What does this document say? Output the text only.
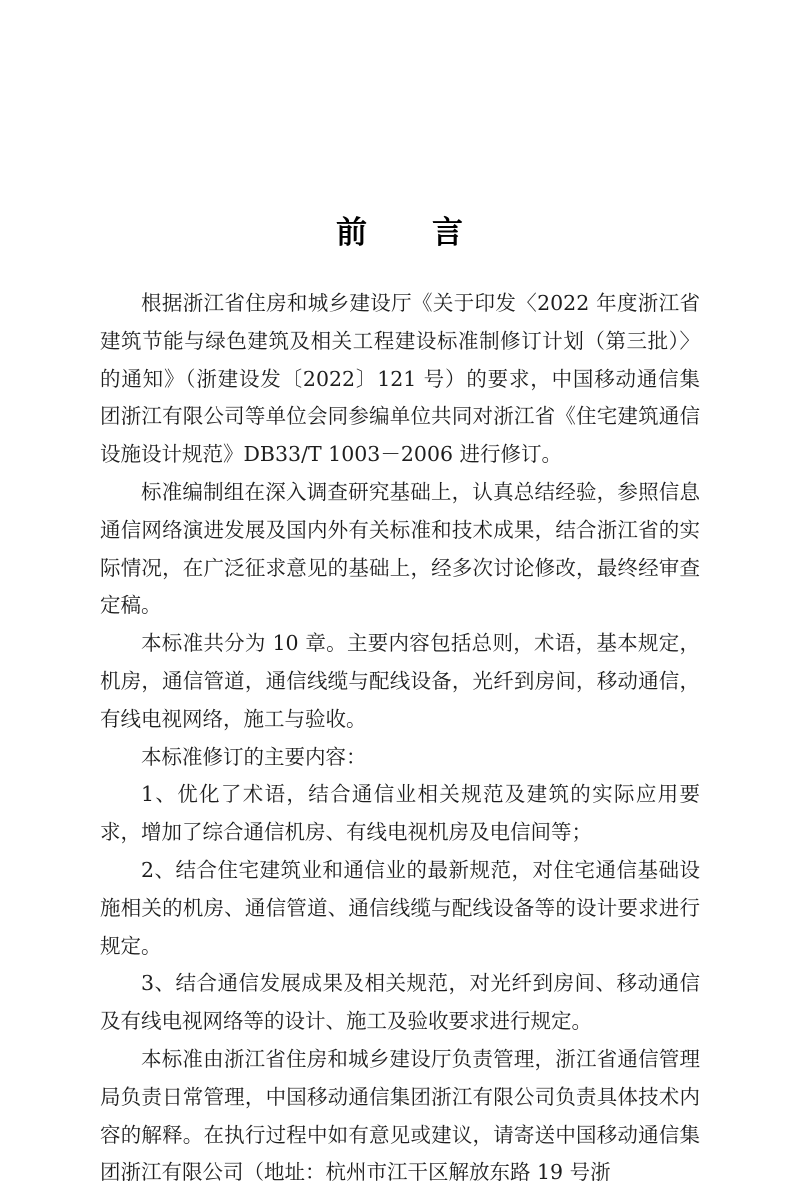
前　　言

根据浙江省住房和城乡建设厅《关于印发〈2022 年度浙江省建筑节能与绿色建筑及相关工程建设标准制修订计划（第三批）〉的通知》（浙建设发〔2022〕121 号）的要求，中国移动通信集团浙江有限公司等单位会同参编单位共同对浙江省《住宅建筑通信设施设计规范》DB33/T 1003－2006 进行修订。

标准编制组在深入调查研究基础上，认真总结经验，参照信息通信网络演进发展及国内外有关标准和技术成果，结合浙江省的实际情况，在广泛征求意见的基础上，经多次讨论修改，最终经审查定稿。

本标准共分为 10 章。主要内容包括总则，术语，基本规定，机房，通信管道，通信线缆与配线设备，光纤到房间，移动通信，有线电视网络，施工与验收。

本标准修订的主要内容：

1、优化了术语，结合通信业相关规范及建筑的实际应用要求，增加了综合通信机房、有线电视机房及电信间等；

2、结合住宅建筑业和通信业的最新规范，对住宅通信基础设施相关的机房、通信管道、通信线缆与配线设备等的设计要求进行规定。

3、结合通信发展成果及相关规范，对光纤到房间、移动通信及有线电视网络等的设计、施工及验收要求进行规定。

本标准由浙江省住房和城乡建设厅负责管理，浙江省通信管理局负责日常管理，中国移动通信集团浙江有限公司负责具体技术内容的解释。在执行过程中如有意见或建议，请寄送中国移动通信集团浙江有限公司（地址：杭州市江干区解放东路 19 号浙
